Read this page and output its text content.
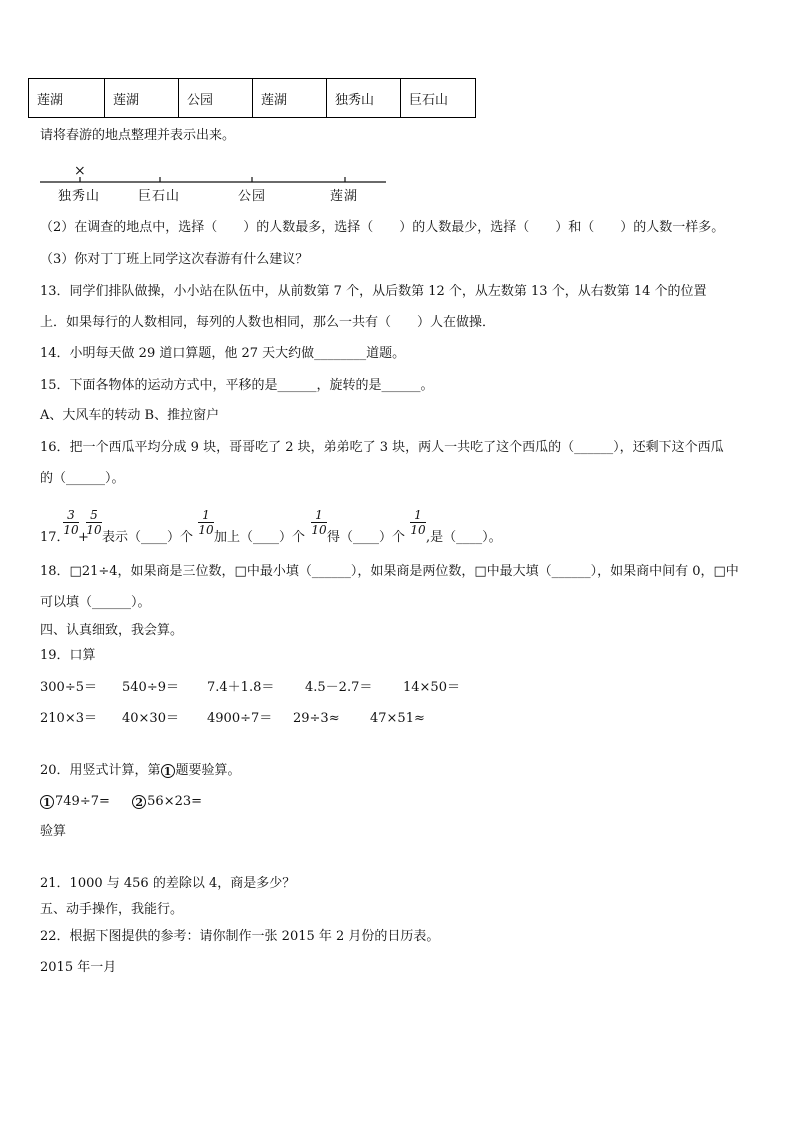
莲湖	莲湖	公园	莲湖	独秀山	巨石山
请将春游的地点整理并表示出来。
×
独秀山	巨石山	公园	莲湖
（2）在调查的地点中，选择（　　）的人数最多，选择（　　）的人数最少，选择（　　）和（　　）的人数一样多。
（3）你对丁丁班上同学这次春游有什么建议？
13．同学们排队做操，小小站在队伍中，从前数第 7 个，从后数第 12 个，从左数第 13 个，从右数第 14 个的位置
上．如果每行的人数相同，每列的人数也相同，那么一共有（　　）人在做操．
14．小明每天做 29 道口算题，他 27 天大约做________道题。
15．下面各物体的运动方式中，平移的是______，旋转的是______。
A、大风车的转动 B、推拉窗户
16．把一个西瓜平均分成 9 块，哥哥吃了 2 块，弟弟吃了 3 块，两人一共吃了这个西瓜的（______），还剩下这个西瓜
的（______）。
17．
3
10 +
5
10 表示（____）个
1
10 加上（____）个
1
10 得（____）个
1
10 ,是（____）。
18．□21÷4，如果商是三位数，□中最小填（______），如果商是两位数，□中最大填（______），如果商中间有 0，□中
可以填（______）。
四、认真细致，我会算。
19．口算
300÷5＝ 540÷9＝ 7.4＋1.8＝ 4.5－2.7＝ 14×50＝
210×3＝ 40×30＝ 4900÷7＝ 29÷3≈ 47×51≈
20．用竖式计算，第 1 题要验算。
1 749÷7= 2 56×23=
验算
21．1000 与 456 的差除以 4，商是多少？
五、动手操作，我能行。
22．根据下图提供的参考：请你制作一张 2015 年 2 月份的日历表。
2015 年一月
